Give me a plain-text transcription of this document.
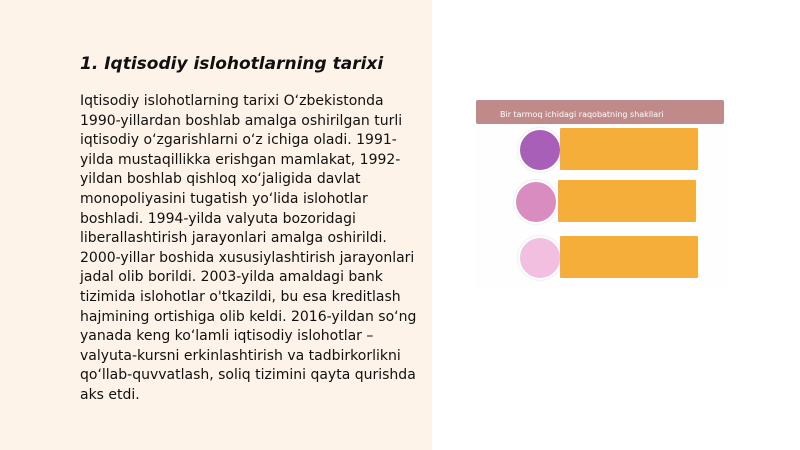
1. Iqtisodiy islohotlarning tarixi

Iqtisodiy islohotlarning tarixi O‘zbekistonda 1990-yillardan boshlab amalga oshirilgan turli iqtisodiy o‘zgarishlarni o‘z ichiga oladi. 1991-yilda mustaqillikka erishgan mamlakat, 1992-yildan boshlab qishloq xo‘jaligida davlat monopoliyasini tugatish yo‘lida islohotlar boshladi. 1994-yilda valyuta bozoridagi liberallashtirish jarayonlari amalga oshirildi. 2000-yillar boshida xususiylashtirish jarayonlari jadal olib borildi. 2003-yilda amaldagi bank tizimida islohotlar o'tkazildi, bu esa kreditlash hajmining ortishiga olib keldi. 2016-yildan so‘ng yanada keng ko‘lamli iqtisodiy islohotlar – valyuta-kursni erkinlashtirish va tadbirkorlikni qo‘llab-quvvatlash, soliq tizimini qayta qurishda aks etdi.

Bir tarmoq ichidagi raqobatning shakllari
